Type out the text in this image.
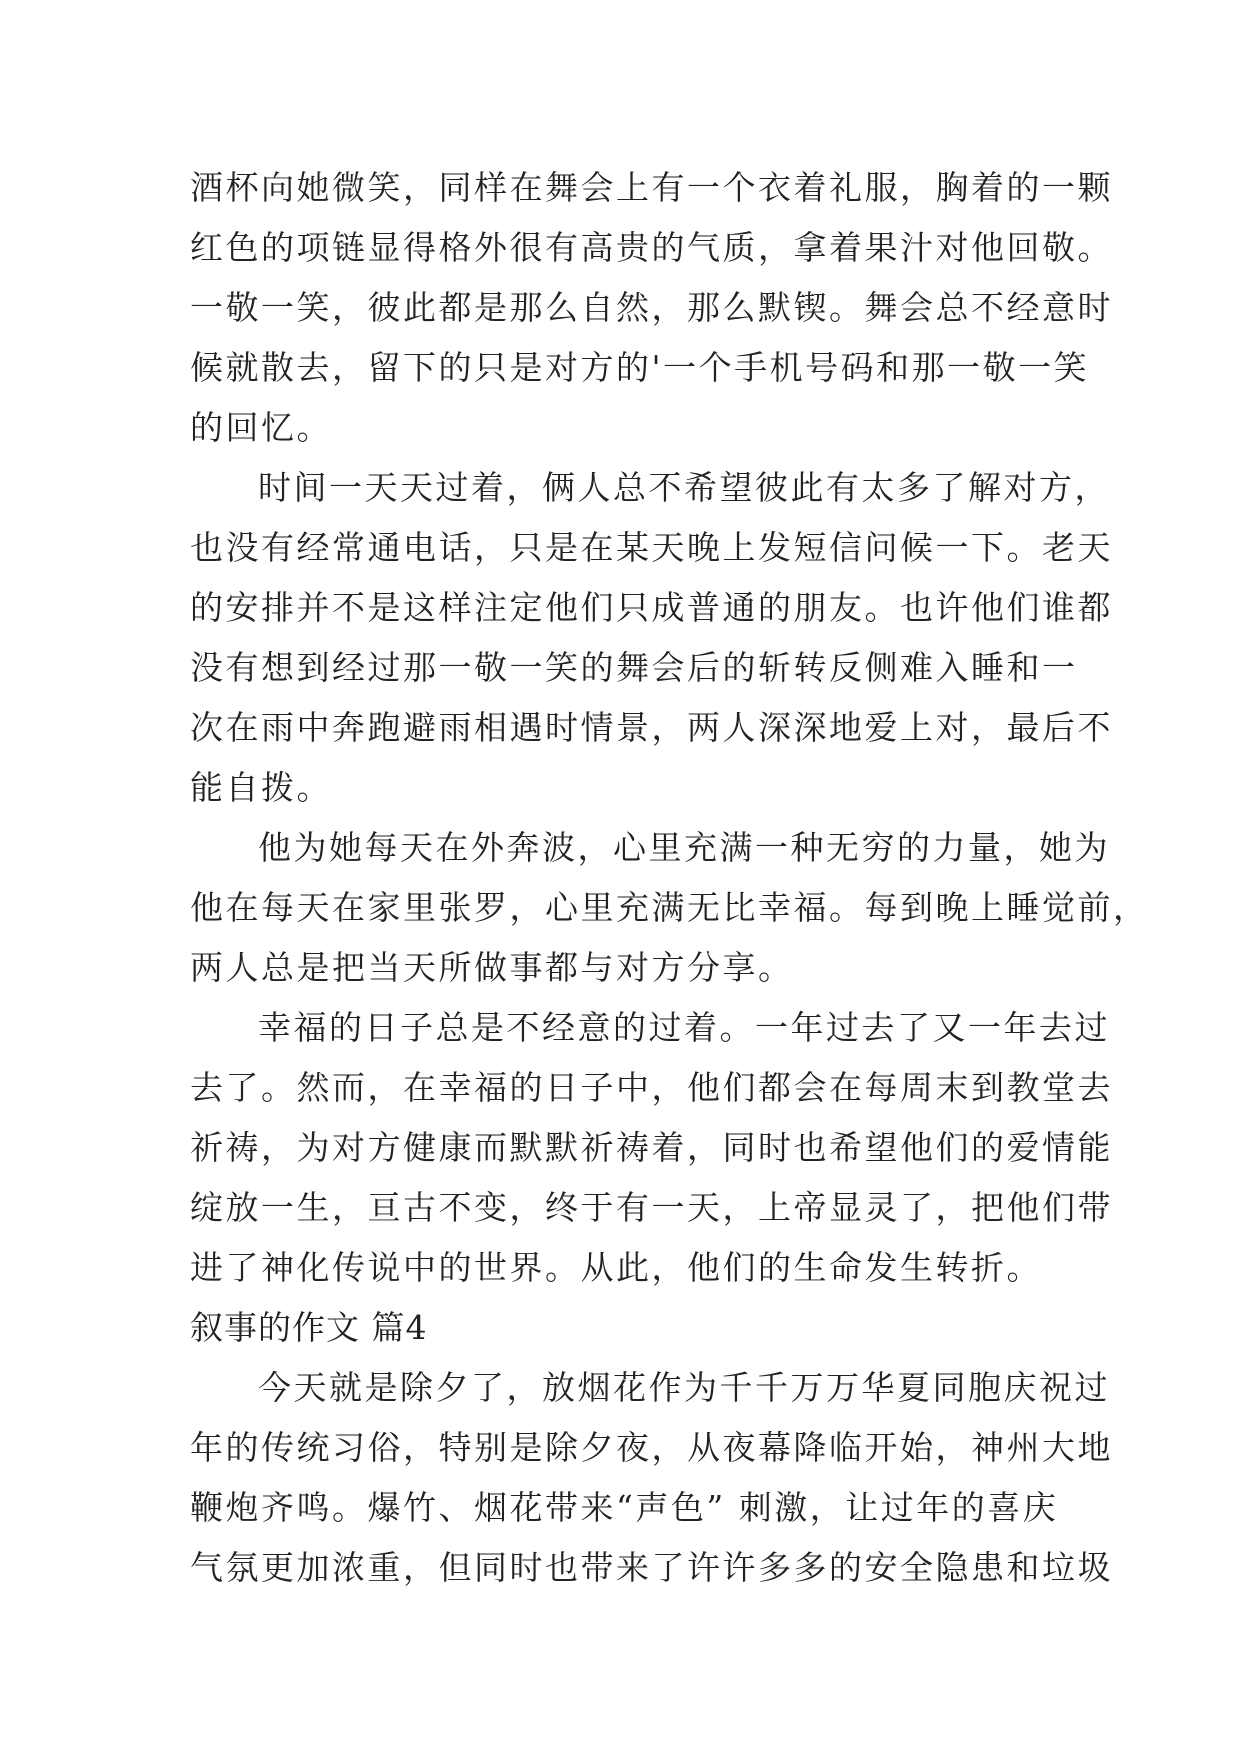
酒杯向她微笑，同样在舞会上有一个衣着礼服，胸着的一颗
红色的项链显得格外很有高贵的气质，拿着果汁对他回敬。
一敬一笑，彼此都是那么自然，那么默锲。舞会总不经意时
候就散去，留下的只是对方的'一个手机号码和那一敬一笑
的回忆。
时间一天天过着，俩人总不希望彼此有太多了解对方，
也没有经常通电话，只是在某天晚上发短信问候一下。老天
的安排并不是这样注定他们只成普通的朋友。也许他们谁都
没有想到经过那一敬一笑的舞会后的斩转反侧难入睡和一
次在雨中奔跑避雨相遇时情景，两人深深地爱上对，最后不
能自拨。
他为她每天在外奔波，心里充满一种无穷的力量，她为
他在每天在家里张罗，心里充满无比幸福。每到晚上睡觉前，
两人总是把当天所做事都与对方分享。
幸福的日子总是不经意的过着。一年过去了又一年去过
去了。然而，在幸福的日子中，他们都会在每周末到教堂去
祈祷，为对方健康而默默祈祷着，同时也希望他们的爱情能
绽放一生，亘古不变，终于有一天，上帝显灵了，把他们带
进了神化传说中的世界。从此，他们的生命发生转折。
叙事的作文 篇4
今天就是除夕了，放烟花作为千千万万华夏同胞庆祝过
年的传统习俗，特别是除夕夜，从夜幕降临开始，神州大地
鞭炮齐鸣。爆竹、烟花带来“声色” 刺激，让过年的喜庆
气氛更加浓重，但同时也带来了许许多多的安全隐患和垃圾
